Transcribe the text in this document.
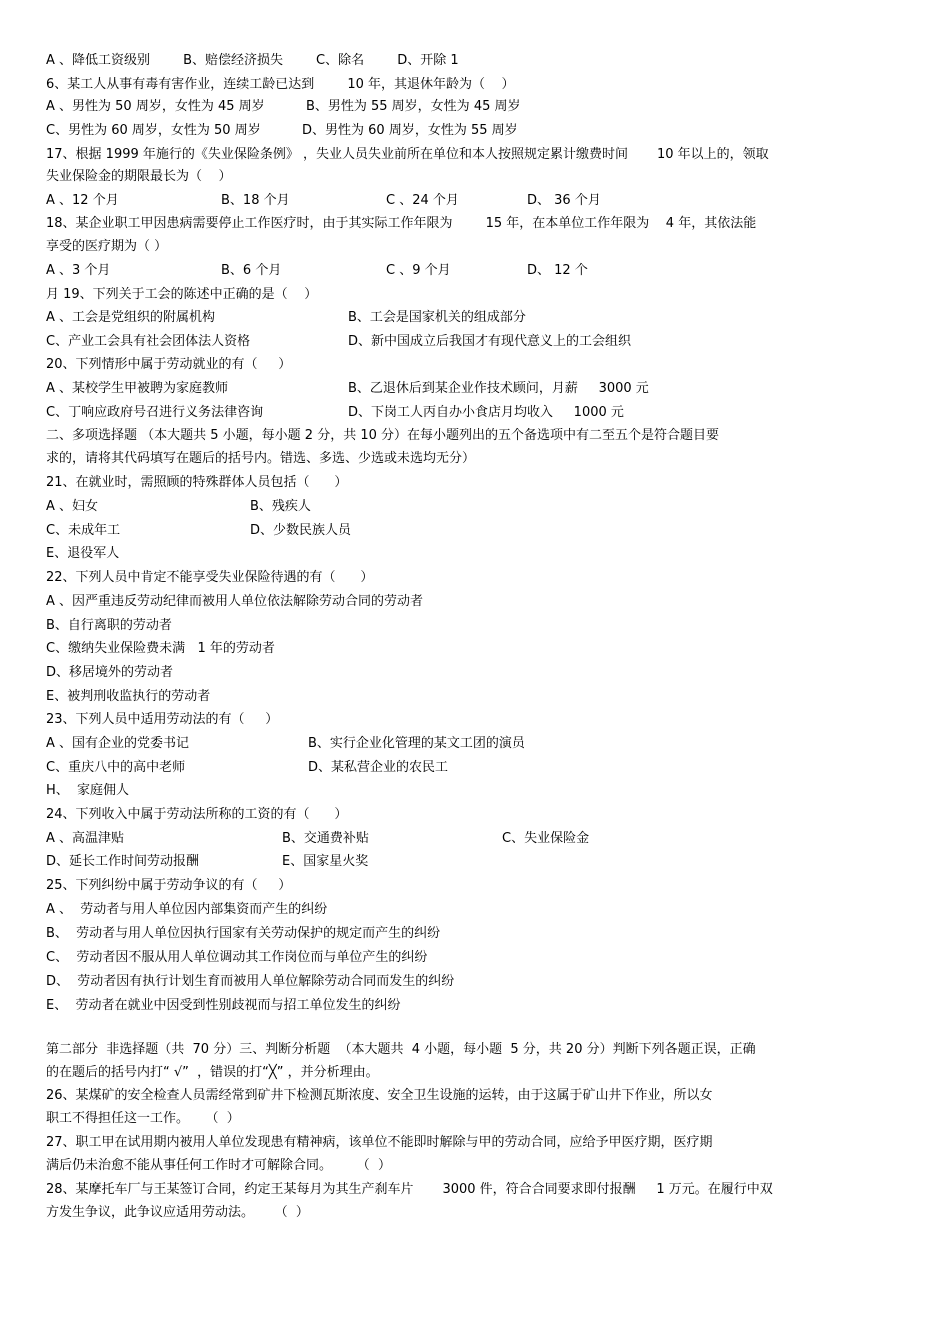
A 、降低工资级别        B、赔偿经济损失        C、除名        D、开除 1
6、某工人从事有毒有害作业，连续工龄已达到        10 年，其退休年龄为（    ）
A 、男性为 50 周岁，女性为 45 周岁          B、男性为 55 周岁，女性为 45 周岁
C、男性为 60 周岁，女性为 50 周岁          D、男性为 60 周岁，女性为 55 周岁
17、根据 1999 年施行的《失业保险条例》 ，失业人员失业前所在单位和本人按照规定累计缴费时间       10 年以上的，领取
失业保险金的期限最长为（    ）
A 、12 个月	B、18 个月	C 、24 个月	D、 36 个月
18、某企业职工甲因患病需要停止工作医疗时，由于其实际工作年限为        15 年，在本单位工作年限为    4 年，其依法能
享受的医疗期为（ ）
A 、3 个月	B、6 个月	C 、9 个月	D、 12 个
月 19、下列关于工会的陈述中正确的是（    ）
A 、工会是党组织的附属机构	B、工会是国家机关的组成部分
C、产业工会具有社会团体法人资格	D、新中国成立后我国才有现代意义上的工会组织
20、下列情形中属于劳动就业的有（     ）
A 、某校学生甲被聘为家庭教师	B、乙退休后到某企业作技术顾问，月薪     3000 元
C、丁响应政府号召进行义务法律咨询	D、下岗工人丙自办小食店月均收入     1000 元
二、多项选择题 （本大题共 5 小题，每小题 2 分，共 10 分）在每小题列出的五个备选项中有二至五个是符合题目要
求的，请将其代码填写在题后的括号内。错选、多选、少选或未选均无分）
21、在就业时，需照顾的特殊群体人员包括（      ）
A 、妇女	B、残疾人
C、未成年工	D、少数民族人员
E、退役军人
22、下列人员中肯定不能享受失业保险待遇的有（      ）
A 、因严重违反劳动纪律而被用人单位依法解除劳动合同的劳动者
B、自行离职的劳动者
C、缴纳失业保险费未满   1 年的劳动者
D、移居境外的劳动者
E、被判刑收监执行的劳动者
23、下列人员中适用劳动法的有（     ）
A 、国有企业的党委书记	B、实行企业化管理的某文工团的演员
C、重庆八中的高中老师	D、某私营企业的农民工
H、  家庭佣人
24、下列收入中属于劳动法所称的工资的有（      ）
A 、高温津贴	B、交通费补贴	C、失业保险金
D、延长工作时间劳动报酬	E、国家星火奖
25、下列纠纷中属于劳动争议的有（     ）
A 、  劳动者与用人单位因内部集资而产生的纠纷
B、  劳动者与用人单位因执行国家有关劳动保护的规定而产生的纠纷
C、  劳动者因不服从用人单位调动其工作岗位而与单位产生的纠纷
D、  劳动者因有执行计划生育而被用人单位解除劳动合同而发生的纠纷
E、  劳动者在就业中因受到性别歧视而与招工单位发生的纠纷
第二部分  非选择题（共  70 分）三、判断分析题  （本大题共  4 小题，每小题  5 分，共 20 分）判断下列各题正误，正确
的在题后的括号内打“ √”  ，错误的打“╳” ，并分析理由。
26、某煤矿的安全检查人员需经常到矿井下检测瓦斯浓度、安全卫生设施的运转，由于这属于矿山井下作业，所以女
职工不得担任这一工作。    （  ）
27、职工甲在试用期内被用人单位发现患有精神病，该单位不能即时解除与甲的劳动合同，应给予甲医疗期，医疗期
满后仍未治愈不能从事任何工作时才可解除合同。      （  ）
28、某摩托车厂与王某签订合同，约定王某每月为其生产刹车片       3000 件，符合合同要求即付报酬     1 万元。在履行中双
方发生争议，此争议应适用劳动法。     （  ）
